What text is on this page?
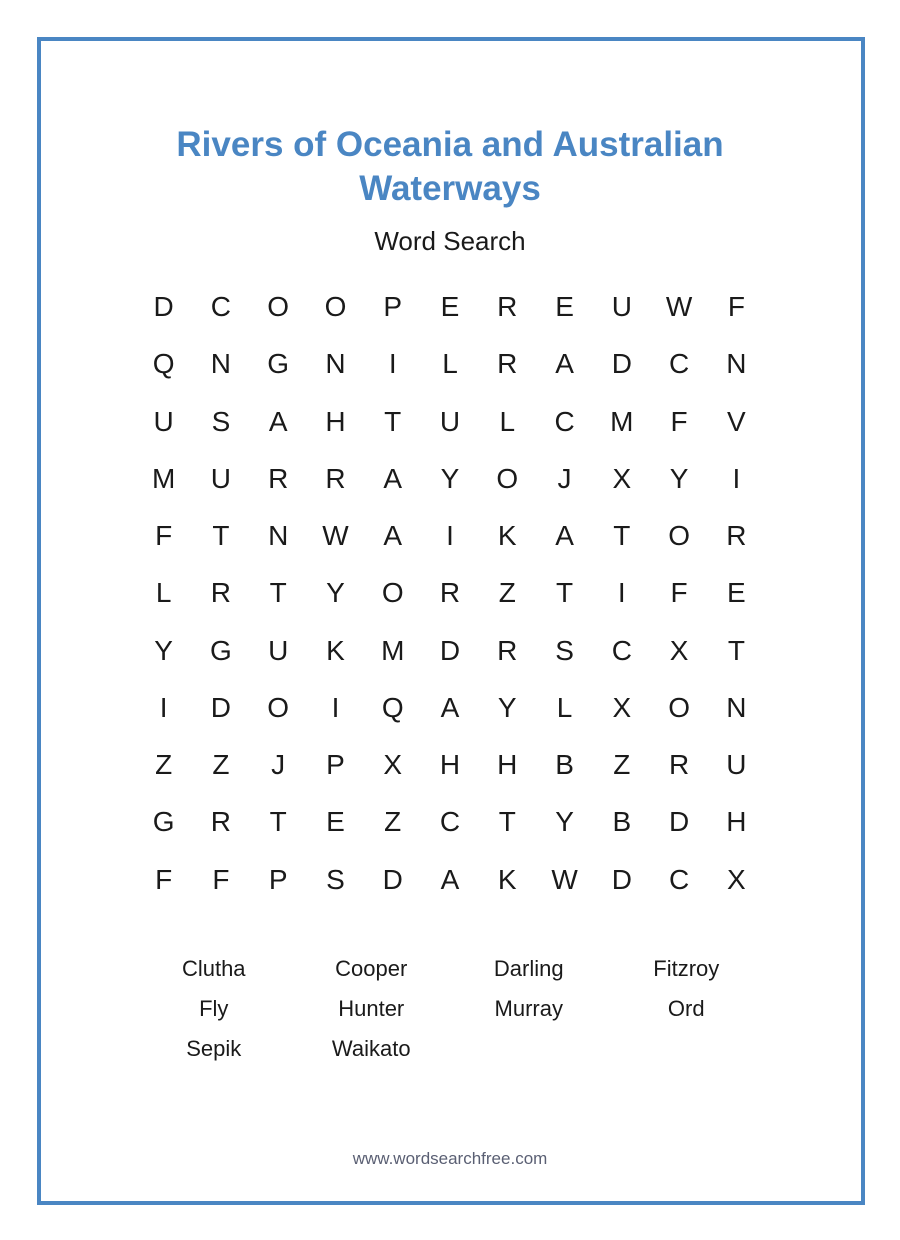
Rivers of Oceania and Australian
Waterways
Word Search
D	C	O	O	P	E	R	E	U	W	F
Q	N	G	N	I	L	R	A	D	C	N
U	S	A	H	T	U	L	C	M	F	V
M	U	R	R	A	Y	O	J	X	Y	I
F	T	N	W	A	I	K	A	T	O	R
L	R	T	Y	O	R	Z	T	I	F	E
Y	G	U	K	M	D	R	S	C	X	T
I	D	O	I	Q	A	Y	L	X	O	N
Z	Z	J	P	X	H	H	B	Z	R	U
G	R	T	E	Z	C	T	Y	B	D	H
F	F	P	S	D	A	K	W	D	C	X
Clutha	Cooper	Darling	Fitzroy
Fly	Hunter	Murray	Ord
Sepik	Waikato
www.wordsearchfree.com
